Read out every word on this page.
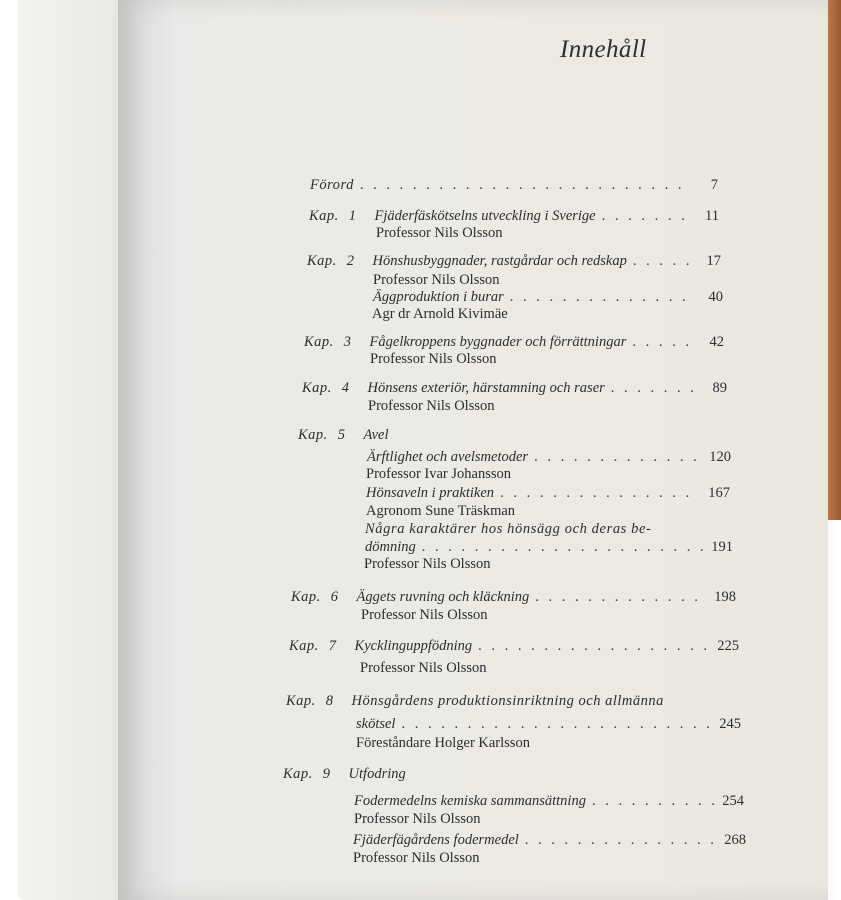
Innehåll
Förord . . .	7
Kap. 1 Fjäderfäskötselns utveckling i Sverige . . .	11
Professor Nils Olsson
Kap. 2 Hönshusbyggnader, rastgårdar och redskap . . .	17
Professor Nils Olsson
Äggproduktion i burar . . .	40
Agr dr Arnold Kivimäe
Kap. 3 Fågelkroppens byggnader och förrättningar . . .	42
Professor Nils Olsson
Kap. 4 Hönsens exteriör, härstamning och raser . . .	89
Professor Nils Olsson
Kap. 5 Avel
Ärftlighet och avelsmetoder . . .	120
Professor Ivar Johansson
Hönsaveln i praktiken . . .	167
Agronom Sune Träskman
Några karaktärer hos hönsägg och deras be-
dömning . . .	191
Professor Nils Olsson
Kap. 6 Äggets ruvning och kläckning . . .	198
Professor Nils Olsson
Kap. 7 Kycklinguppfödning . . .	225
Professor Nils Olsson
Kap. 8 Hönsgårdens produktionsinriktning och allmänna
skötsel . . .	245
Föreståndare Holger Karlsson
Kap. 9 Utfodring
Fodermedelns kemiska sammansättning . . .	254
Professor Nils Olsson
Fjäderfägårdens fodermedel . . .	268
Professor Nils Olsson
